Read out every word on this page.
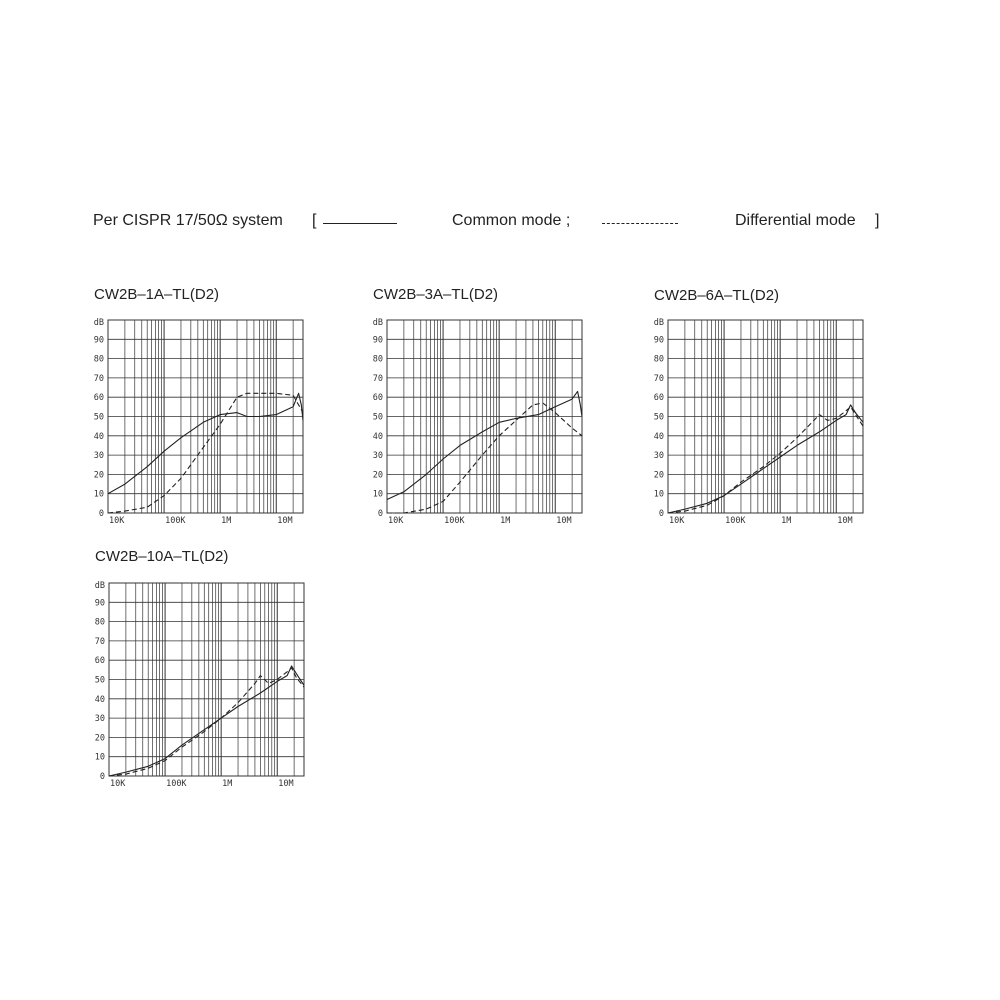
Per CISPR 17/50Ω system [	Common mode ;	Differential mode ]
CW2B–1A–TL(D2)
0
10
20
30
40
50
60
70
80
90
dB
10K	100K	1M	10M
CW2B–3A–TL(D2)
0
10
20
30
40
50
60
70
80
90
dB
10K	100K	1M	10M
CW2B–6A–TL(D2)
0
10
20
30
40
50
60
70
80
90
dB
10K	100K	1M	10M
CW2B–10A–TL(D2)
0
10
20
30
40
50
60
70
80
90
dB
10K	100K	1M	10M
